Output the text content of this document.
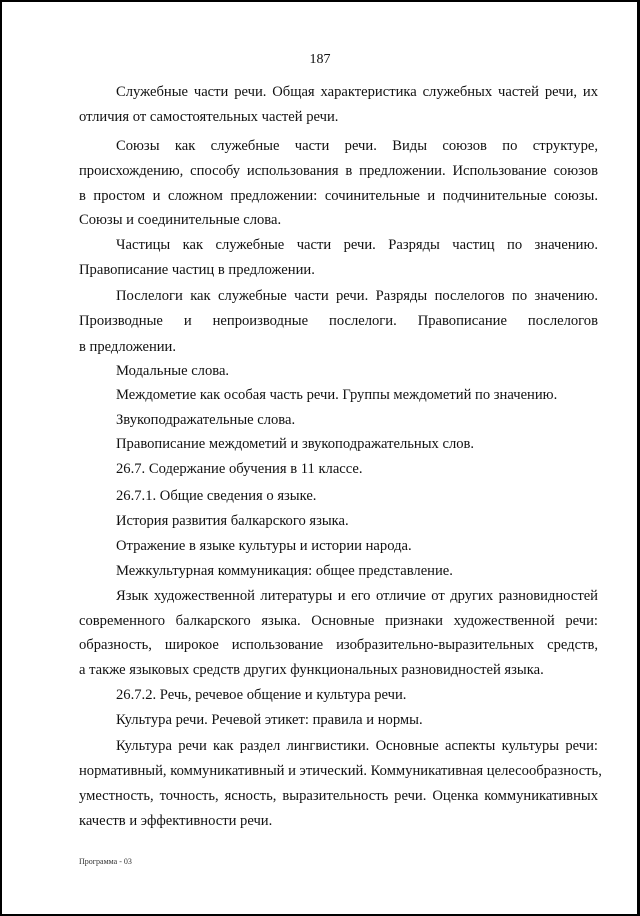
187
Служебные части речи. Общая характеристика служебных частей речи, их
отличия от самостоятельных частей речи.
Союзы как служебные части речи. Виды союзов по структуре,
происхождению, способу использования в предложении. Использование союзов
в простом и сложном предложении: сочинительные и подчинительные союзы.
Союзы и соединительные слова.
Частицы как служебные части речи. Разряды частиц по значению.
Правописание частиц в предложении.
Послелоги как служебные части речи. Разряды послелогов по значению.
Производные и непроизводные послелоги. Правописание послелогов
в предложении.
Модальные слова.
Междометие как особая часть речи. Группы междометий по значению.
Звукоподражательные слова.
Правописание междометий и звукоподражательных слов.
26.7. Содержание обучения в 11 классе.
26.7.1. Общие сведения о языке.
История развития балкарского языка.
Отражение в языке культуры и истории народа.
Межкультурная коммуникация: общее представление.
Язык художественной литературы и его отличие от других разновидностей
современного балкарского языка. Основные признаки художественной речи:
образность, широкое использование изобразительно-выразительных средств,
а также языковых средств других функциональных разновидностей языка.
26.7.2. Речь, речевое общение и культура речи.
Культура речи. Речевой этикет: правила и нормы.
Культура речи как раздел лингвистики. Основные аспекты культуры речи:
нормативный, коммуникативный и этический. Коммуникативная целесообразность,
уместность, точность, ясность, выразительность речи. Оценка коммуникативных
качеств и эффективности речи.
Программа - 03
